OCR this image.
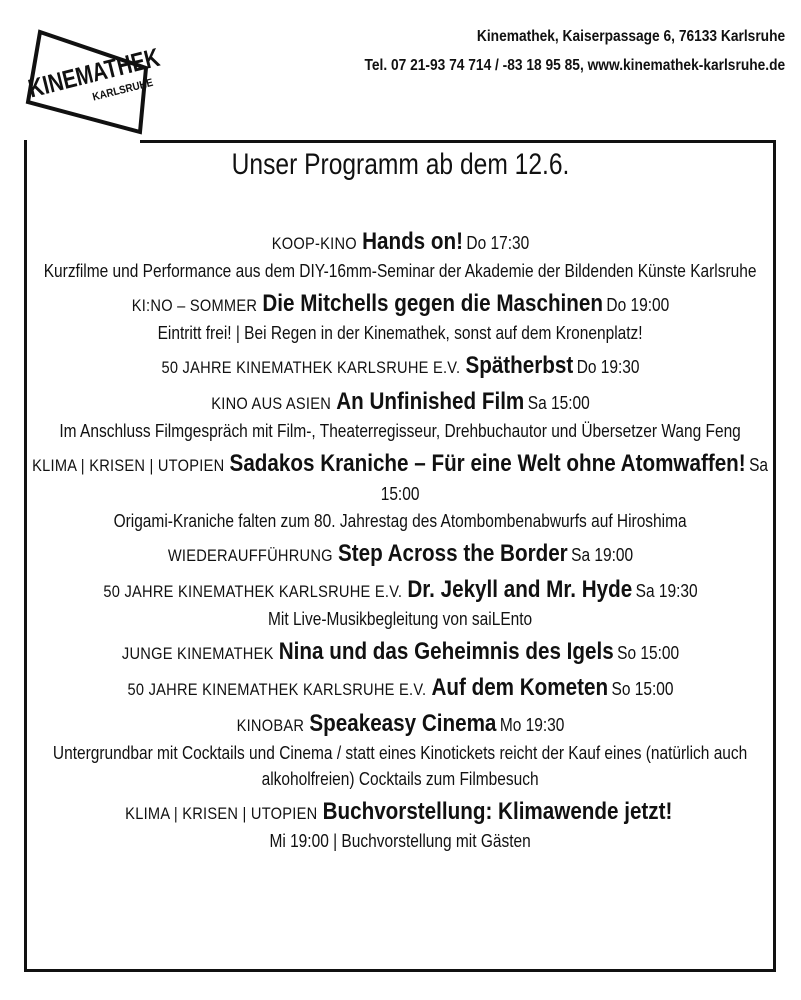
KINEMATHEK
KARLSRUHE
Kinemathek, Kaiserpassage 6, 76133 Karlsruhe
Tel. 07 21-93 74 714 / -83 18 95 85, www.kinemathek-karlsruhe.de
Unser Programm ab dem 12.6.
KOOP-KINO Hands on! Do 17:30
Kurzfilme und Performance aus dem DIY-16mm-Seminar der Akademie der Bildenden Künste Karlsruhe
KI:NO – SOMMER Die Mitchells gegen die Maschinen Do 19:00
Eintritt frei! | Bei Regen in der Kinemathek, sonst auf dem Kronenplatz!
50 JAHRE KINEMATHEK KARLSRUHE E.V. Spätherbst Do 19:30
KINO AUS ASIEN An Unfinished Film Sa 15:00
Im Anschluss Filmgespräch mit Film-, Theaterregisseur, Drehbuchautor und Übersetzer Wang Feng
KLIMA | KRISEN | UTOPIEN Sadakos Kraniche – Für eine Welt ohne Atomwaffen! Sa 15:00
Origami-Kraniche falten zum 80. Jahrestag des Atombombenabwurfs auf Hiroshima
WIEDERAUFFÜHRUNG Step Across the Border Sa 19:00
50 JAHRE KINEMATHEK KARLSRUHE E.V. Dr. Jekyll and Mr. Hyde Sa 19:30
Mit Live-Musikbegleitung von saiLEnto
JUNGE KINEMATHEK Nina und das Geheimnis des Igels So 15:00
50 JAHRE KINEMATHEK KARLSRUHE E.V. Auf dem Kometen So 15:00
KINOBAR Speakeasy Cinema Mo 19:30
Untergrundbar mit Cocktails und Cinema / statt eines Kinotickets reicht der Kauf eines (natürlich auch alkoholfreien) Cocktails zum Filmbesuch
KLIMA | KRISEN | UTOPIEN Buchvorstellung: Klimawende jetzt!
Mi 19:00 | Buchvorstellung mit Gästen
